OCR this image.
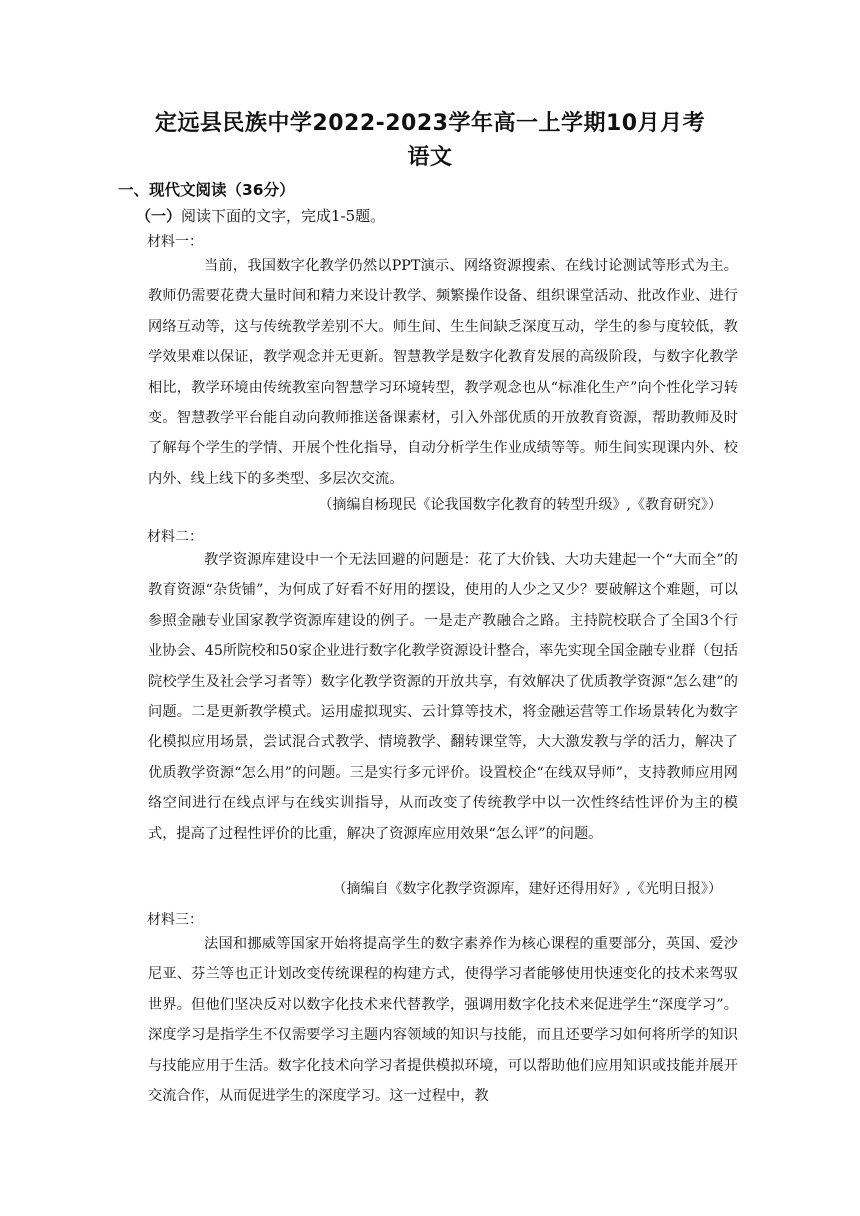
定远县民族中学2022-2023学年高一上学期10月月考
语文
一、现代文阅读（36分）
（一）阅读下面的文字，完成1-5题。
材料一：

当前，我国数字化教学仍然以PPT演示、网络资源搜索、在线讨论测试等形式为主。教师仍需要花费大量时间和精力来设计教学、频繁操作设备、组织课堂活动、批改作业、进行网络互动等，这与传统教学差别不大。师生间、生生间缺乏深度互动，学生的参与度较低，教学效果难以保证，教学观念并无更新。智慧教学是数字化教育发展的高级阶段，与数字化教学相比，教学环境由传统教室向智慧学习环境转型，教学观念也从“标准化生产”向个性化学习转变。智慧教学平台能自动向教师推送备课素材，引入外部优质的开放教育资源，帮助教师及时了解每个学生的学情、开展个性化指导，自动分析学生作业成绩等等。师生间实现课内外、校内外、线上线下的多类型、多层次交流。

（摘编自杨现民《论我国数字化教育的转型升级》,《教育研究》）
材料二：

教学资源库建设中一个无法回避的问题是：花了大价钱、大功夫建起一个“大而全”的教育资源“杂货铺”，为何成了好看不好用的摆设，使用的人少之又少？要破解这个难题，可以参照金融专业国家教学资源库建设的例子。一是走产教融合之路。主持院校联合了全国3个行业协会、45所院校和50家企业进行数字化教学资源设计整合，率先实现全国金融专业群（包括院校学生及社会学习者等）数字化教学资源的开放共享，有效解决了优质教学资源“怎么建”的问题。二是更新教学模式。运用虚拟现实、云计算等技术，将金融运营等工作场景转化为数字化模拟应用场景，尝试混合式教学、情境教学、翻转课堂等，大大激发教与学的活力，解决了优质教学资源“怎么用”的问题。三是实行多元评价。设置校企“在线双导师”，支持教师应用网络空间进行在线点评与在线实训指导，从而改变了传统教学中以一次性终结性评价为主的模式，提高了过程性评价的比重，解决了资源库应用效果“怎么评”的问题。

（摘编自《数字化教学资源库，建好还得用好》,《光明日报》）
材料三：

法国和挪威等国家开始将提高学生的数字素养作为核心课程的重要部分，英国、爱沙尼亚、芬兰等也正计划改变传统课程的构建方式，使得学习者能够使用快速变化的技术来驾驭世界。但他们坚决反对以数字化技术来代替教学，强调用数字化技术来促进学生“深度学习”。深度学习是指学生不仅需要学习主题内容领域的知识与技能，而且还要学习如何将所学的知识与技能应用于生活。数字化技术向学习者提供模拟环境，可以帮助他们应用知识或技能并展开交流合作，从而促进学生的深度学习。这一过程中，教
